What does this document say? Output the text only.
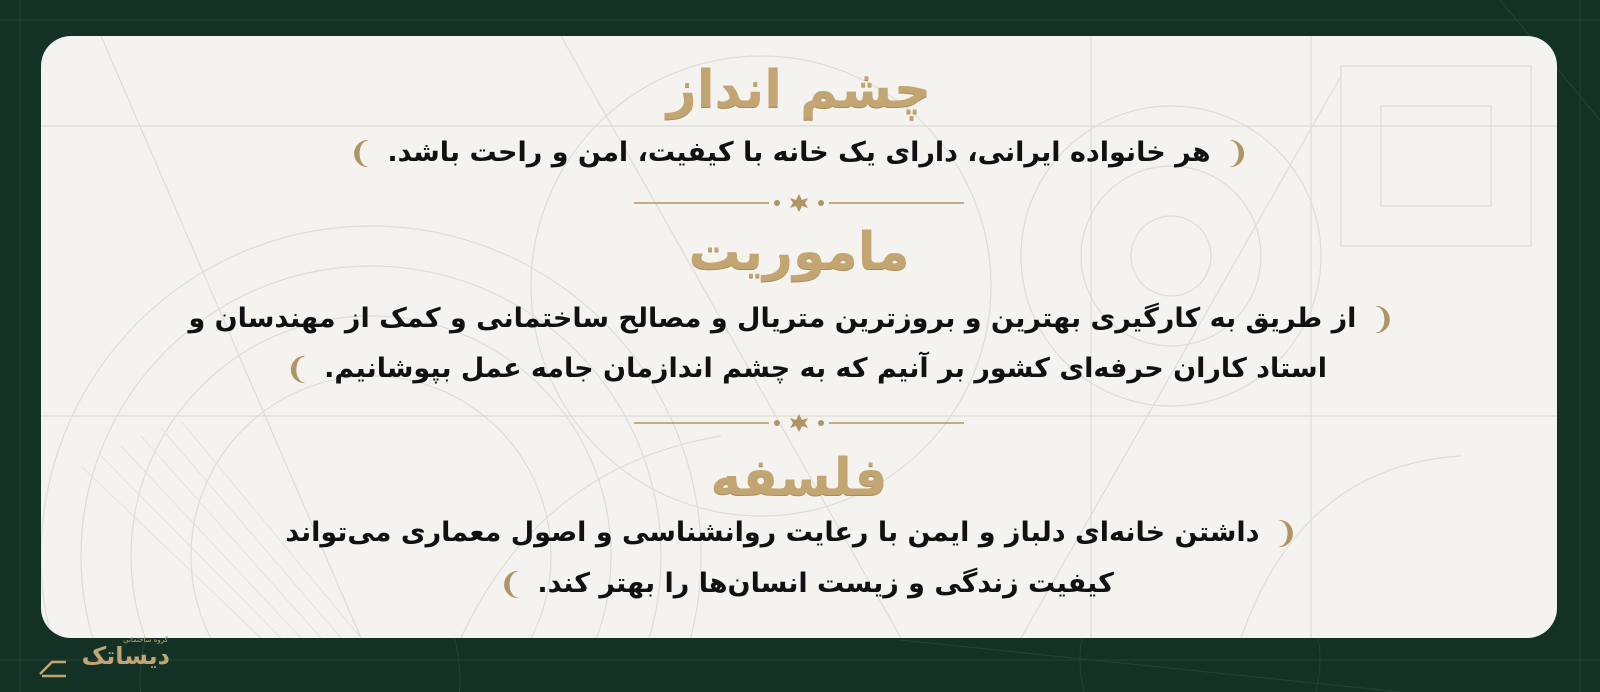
چشم انداز
❨هر خانواده ایرانی، دارای یک خانه با کیفیت، امن و راحت باشد.❩
ماموریت
❨از طریق به کارگیری بهترین و بروزترین متریال و مصالح ساختمانی و کمک از مهندسان و
استاد کاران حرفه‌ای کشور بر آنیم که به چشم اندازمان جامه عمل بپوشانیم.❩
فلسفه
❨داشتن خانه‌ای دلباز و ایمن با رعایت روانشناسی و اصول معماری می‌تواند
کیفیت زندگی و زیست انسان‌ها را بهتر کند.❩
گروه ساختمانی
دیساتک
